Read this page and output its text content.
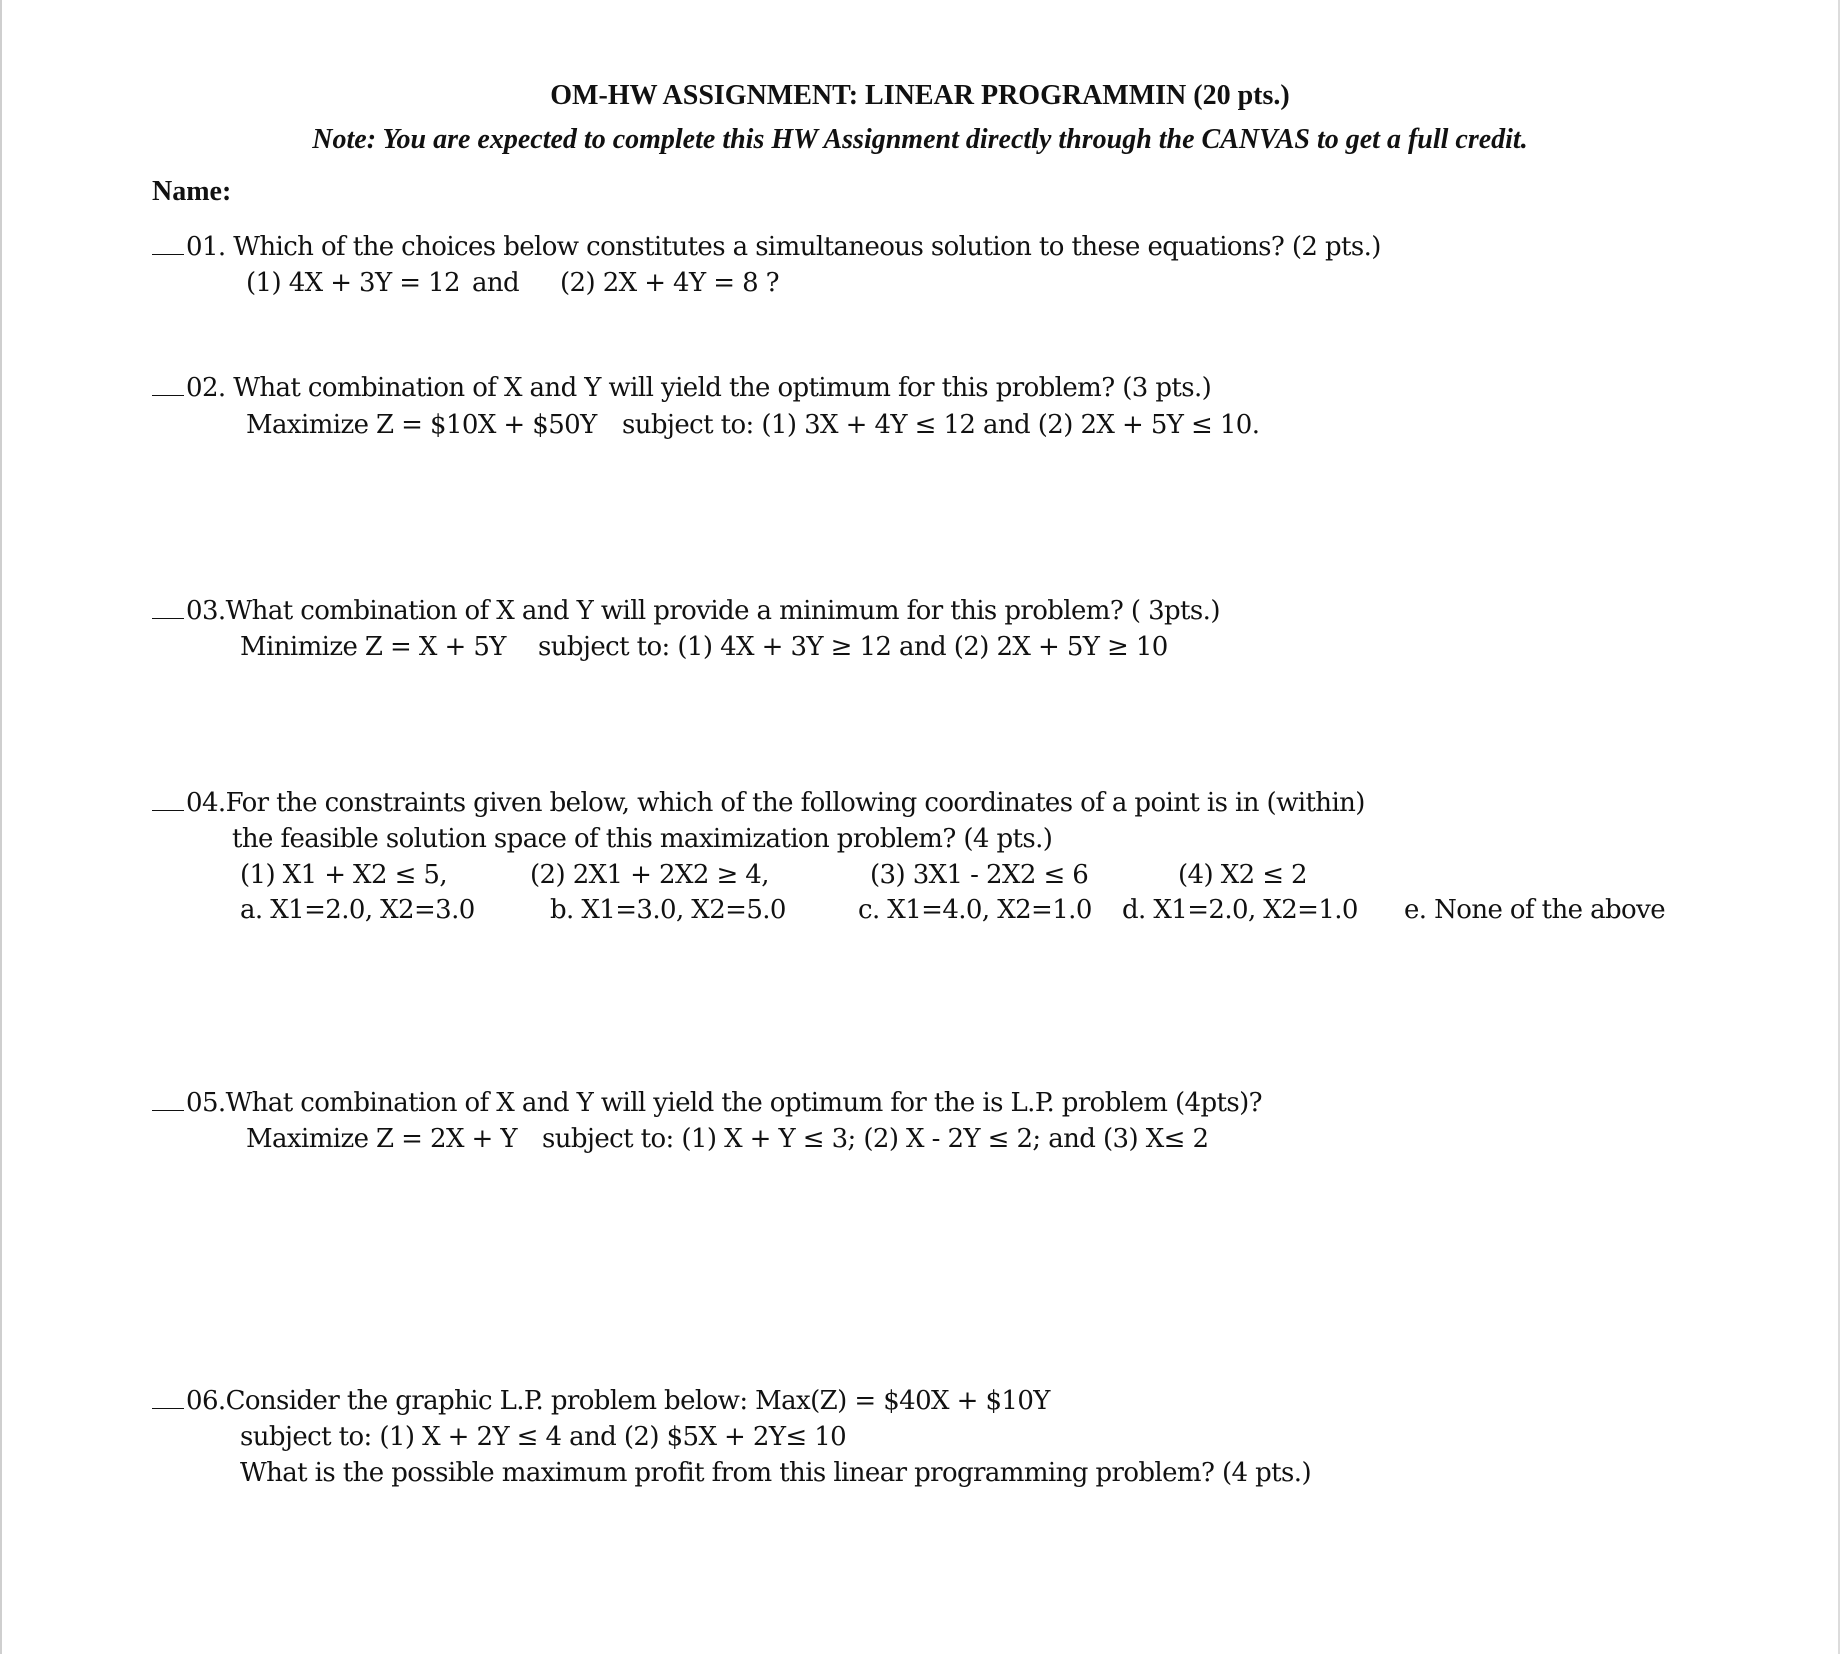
OM-HW ASSIGNMENT: LINEAR PROGRAMMIN (20 pts.)
Note: You are expected to complete this HW Assignment directly through the CANVAS to get a full credit.
Name:
01. Which of the choices below constitutes a simultaneous solution to these equations? (2 pts.)
(1) 4X + 3Y = 12 and (2) 2X + 4Y = 8 ?
02. What combination of X and Y will yield the optimum for this problem? (3 pts.)
Maximize Z = $10X + $50Y subject to: (1) 3X + 4Y ≤ 12 and (2) 2X + 5Y ≤ 10.
03.What combination of X and Y will provide a minimum for this problem? ( 3pts.)
Minimize Z = X + 5Y subject to: (1) 4X + 3Y ≥ 12 and (2) 2X + 5Y ≥ 10
04.For the constraints given below, which of the following coordinates of a point is in (within)
the feasible solution space of this maximization problem? (4 pts.)
(1) X1 + X2 ≤ 5,	(2) 2X1 + 2X2 ≥ 4,	(3) 3X1 - 2X2 ≤ 6	(4) X2 ≤ 2
a. X1=2.0, X2=3.0	b. X1=3.0, X2=5.0	c. X1=4.0, X2=1.0 d. X1=2.0, X2=1.0 e. None of the above
05.What combination of X and Y will yield the optimum for the is L.P. problem (4pts)?
Maximize Z = 2X + Y subject to: (1) X + Y ≤ 3; (2) X - 2Y ≤ 2; and (3) X≤ 2
06.Consider the graphic L.P. problem below: Max(Z) = $40X + $10Y
subject to: (1) X + 2Y ≤ 4 and (2) $5X + 2Y≤ 10
What is the possible maximum profit from this linear programming problem? (4 pts.)
